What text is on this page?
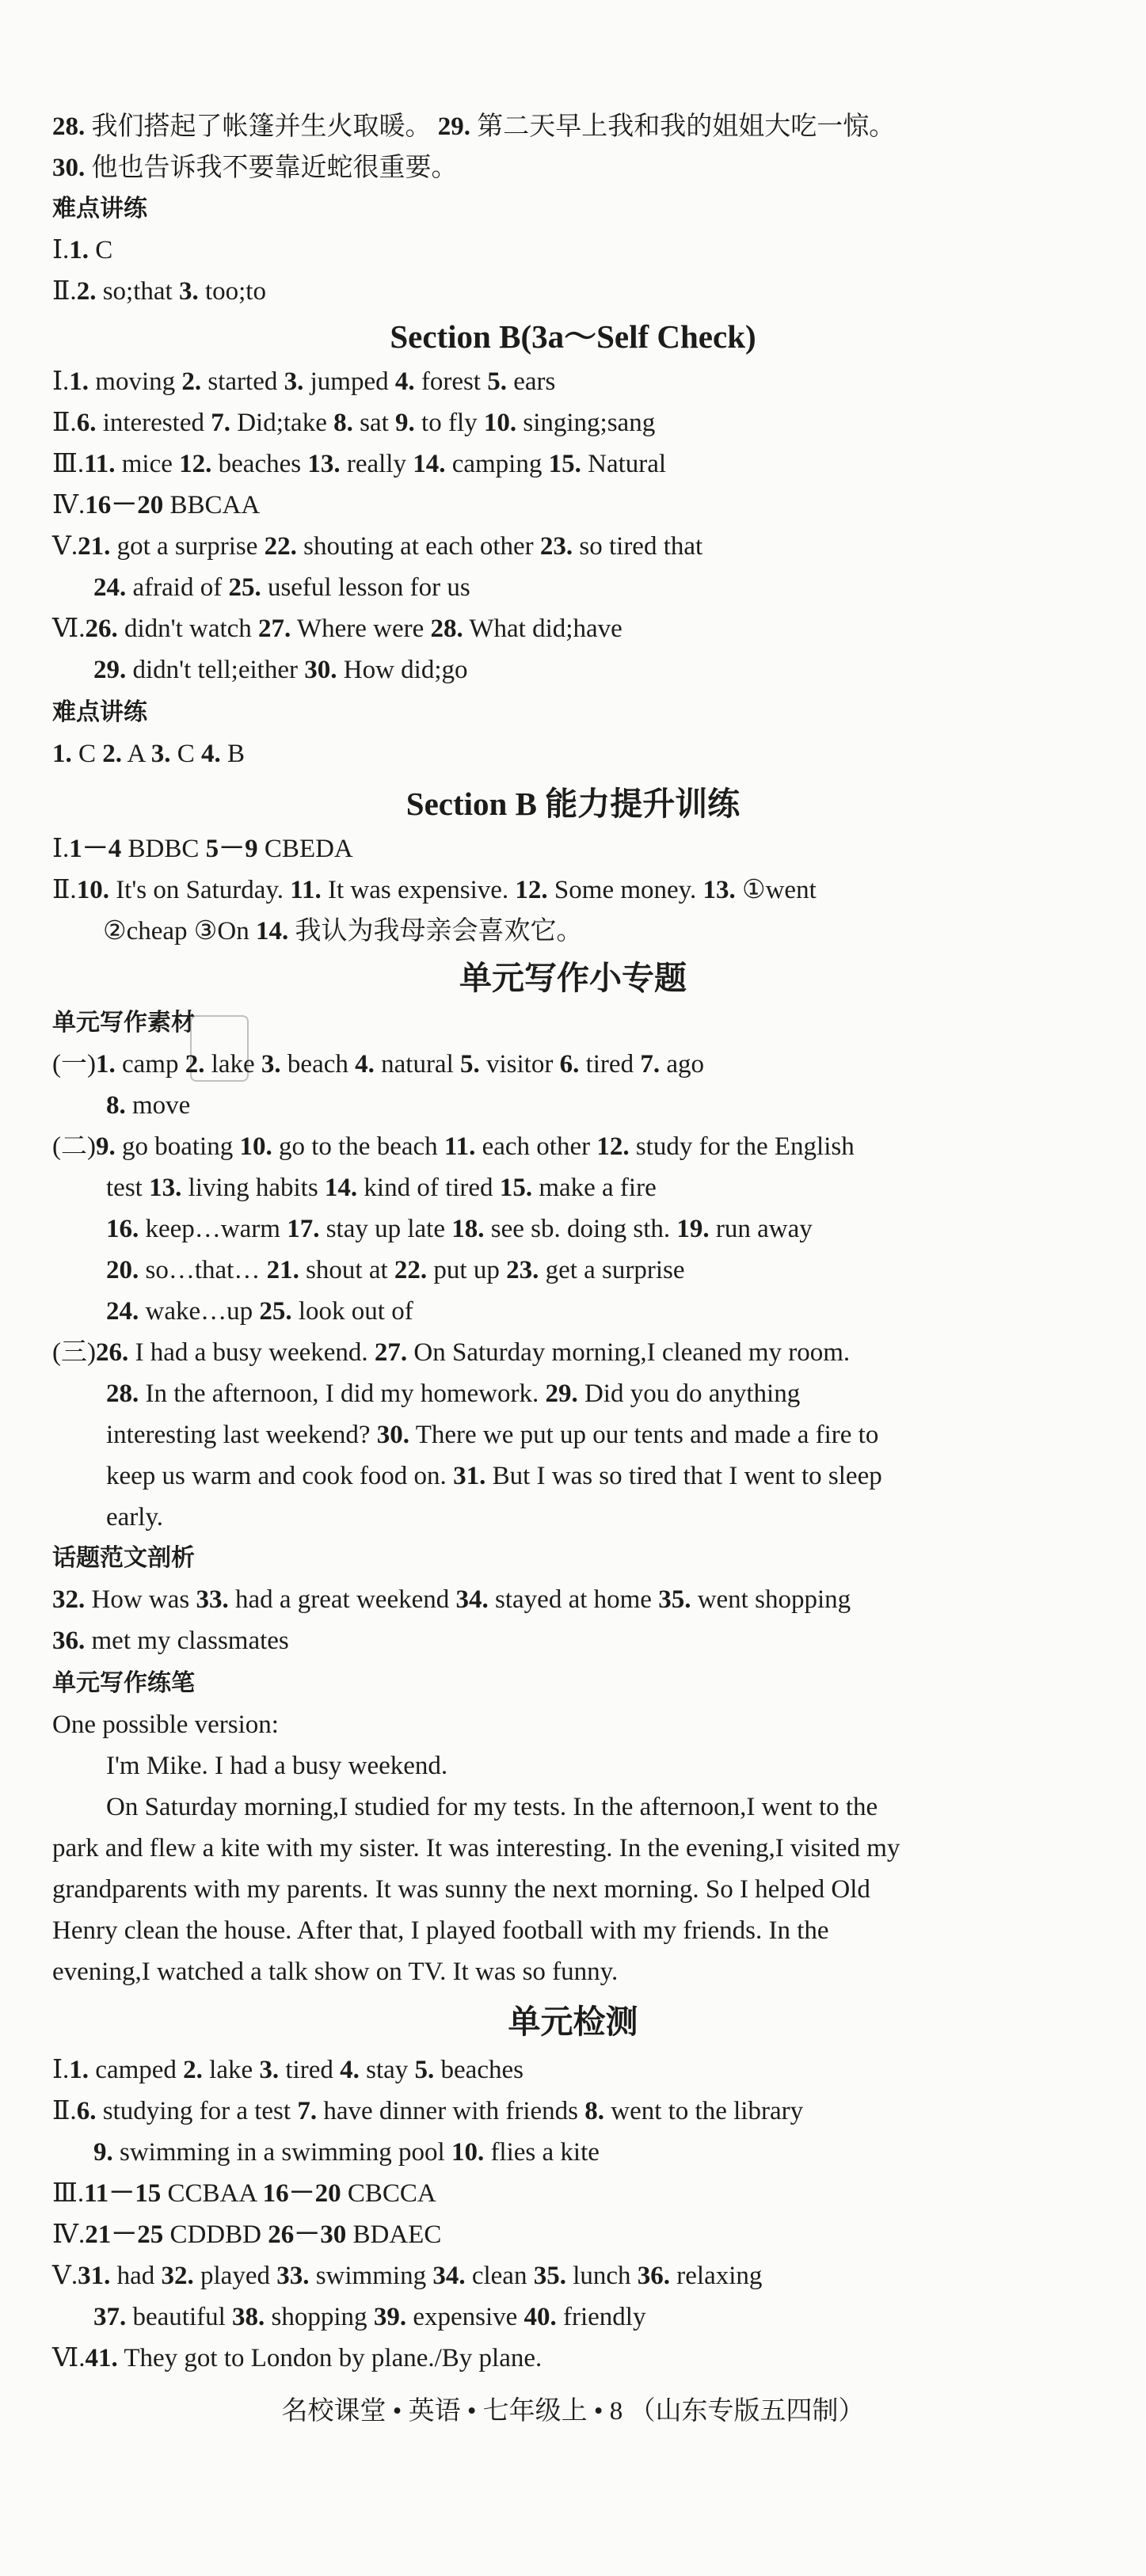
28. 我们搭起了帐篷并生火取暖。 29. 第二天早上我和我的姐姐大吃一惊。
30. 他也告诉我不要靠近蛇很重要。
难点讲练
Ⅰ.1. C
Ⅱ.2. so;that 3. too;to
Section B(3a～Self Check)
Ⅰ.1. moving 2. started 3. jumped 4. forest 5. ears
Ⅱ.6. interested 7. Did;take 8. sat 9. to fly 10. singing;sang
Ⅲ.11. mice 12. beaches 13. really 14. camping 15. Natural
Ⅳ.16－20 BBCAA
Ⅴ.21. got a surprise 22. shouting at each other 23. so tired that
24. afraid of 25. useful lesson for us
Ⅵ.26. didn't watch 27. Where were 28. What did;have
29. didn't tell;either 30. How did;go
难点讲练
1. C 2. A 3. C 4. B
Section B 能力提升训练
Ⅰ.1－4 BDBC 5－9 CBEDA
Ⅱ.10. It's on Saturday. 11. It was expensive. 12. Some money. 13. ①went
②cheap ③On 14. 我认为我母亲会喜欢它。
单元写作小专题
单元写作素材
(一)1. camp 2. lake 3. beach 4. natural 5. visitor 6. tired 7. ago
8. move
(二)9. go boating 10. go to the beach 11. each other 12. study for the English
test 13. living habits 14. kind of tired 15. make a fire
16. keep…warm 17. stay up late 18. see sb. doing sth. 19. run away
20. so…that… 21. shout at 22. put up 23. get a surprise
24. wake…up 25. look out of
(三)26. I had a busy weekend. 27. On Saturday morning,I cleaned my room.
28. In the afternoon, I did my homework. 29. Did you do anything
interesting last weekend? 30. There we put up our tents and made a fire to
keep us warm and cook food on. 31. But I was so tired that I went to sleep
early.
话题范文剖析
32. How was 33. had a great weekend 34. stayed at home 35. went shopping
36. met my classmates
单元写作练笔
One possible version:
I'm Mike. I had a busy weekend.
On Saturday morning,I studied for my tests. In the afternoon,I went to the
park and flew a kite with my sister. It was interesting. In the evening,I visited my
grandparents with my parents. It was sunny the next morning. So I helped Old
Henry clean the house. After that, I played football with my friends. In the
evening,I watched a talk show on TV. It was so funny.
单元检测
Ⅰ.1. camped 2. lake 3. tired 4. stay 5. beaches
Ⅱ.6. studying for a test 7. have dinner with friends 8. went to the library
9. swimming in a swimming pool 10. flies a kite
Ⅲ.11－15 CCBAA 16－20 CBCCA
Ⅳ.21－25 CDDBD 26－30 BDAEC
Ⅴ.31. had 32. played 33. swimming 34. clean 35. lunch 36. relaxing
37. beautiful 38. shopping 39. expensive 40. friendly
Ⅵ.41. They got to London by plane./By plane.
名校课堂 • 英语 • 七年级上 • 8 （山东专版五四制）
